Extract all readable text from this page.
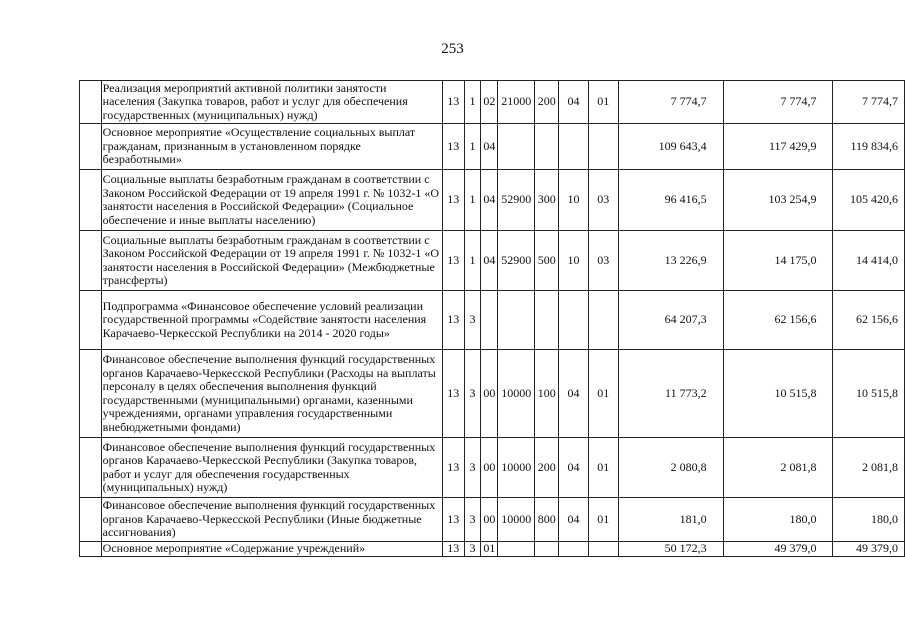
253
	Реализация мероприятий активной политики занятости населения (Закупка товаров, работ и услуг для обеспечения государственных (муниципальных) нужд)	13	1	02	21000	200	04	01	7 774,7	7 774,7	7 774,7
	Основное мероприятие «Осуществление социальных выплат гражданам, признанным в установленном порядке безработными»	13	1	04					109 643,4	117 429,9	119 834,6
	Социальные выплаты безработным гражданам в соответствии с Законом Российской Федерации от 19 апреля 1991 г. № 1032-1 «О занятости населения в Российской Федерации» (Социальное обеспечение и иные выплаты населению)	13	1	04	52900	300	10	03	96 416,5	103 254,9	105 420,6
	Социальные выплаты безработным гражданам в соответствии с Законом Российской Федерации от 19 апреля 1991 г. № 1032-1 «О занятости населения в Российской Федерации» (Межбюджетные трансферты)	13	1	04	52900	500	10	03	13 226,9	14 175,0	14 414,0
	Подпрограмма «Финансовое обеспечение условий реализации государственной программы «Содействие занятости населения Карачаево-Черкесской Республики на 2014 - 2020 годы»	13	3						64 207,3	62 156,6	62 156,6
	Финансовое обеспечение выполнения функций государственных органов Карачаево-Черкесской Республики (Расходы на выплаты персоналу в целях обеспечения выполнения функций государственными (муниципальными) органами, казенными учреждениями, органами управления государственными внебюджетными фондами)	13	3	00	10000	100	04	01	11 773,2	10 515,8	10 515,8
	Финансовое обеспечение выполнения функций государственных органов Карачаево-Черкесской Республики (Закупка товаров, работ и услуг для обеспечения государственных (муниципальных) нужд)	13	3	00	10000	200	04	01	2 080,8	2 081,8	2 081,8
	Финансовое обеспечение выполнения функций государственных органов Карачаево-Черкесской Республики (Иные бюджетные ассигнования)	13	3	00	10000	800	04	01	181,0	180,0	180,0
	Основное мероприятие «Содержание учреждений»	13	3	01					50 172,3	49 379,0	49 379,0
